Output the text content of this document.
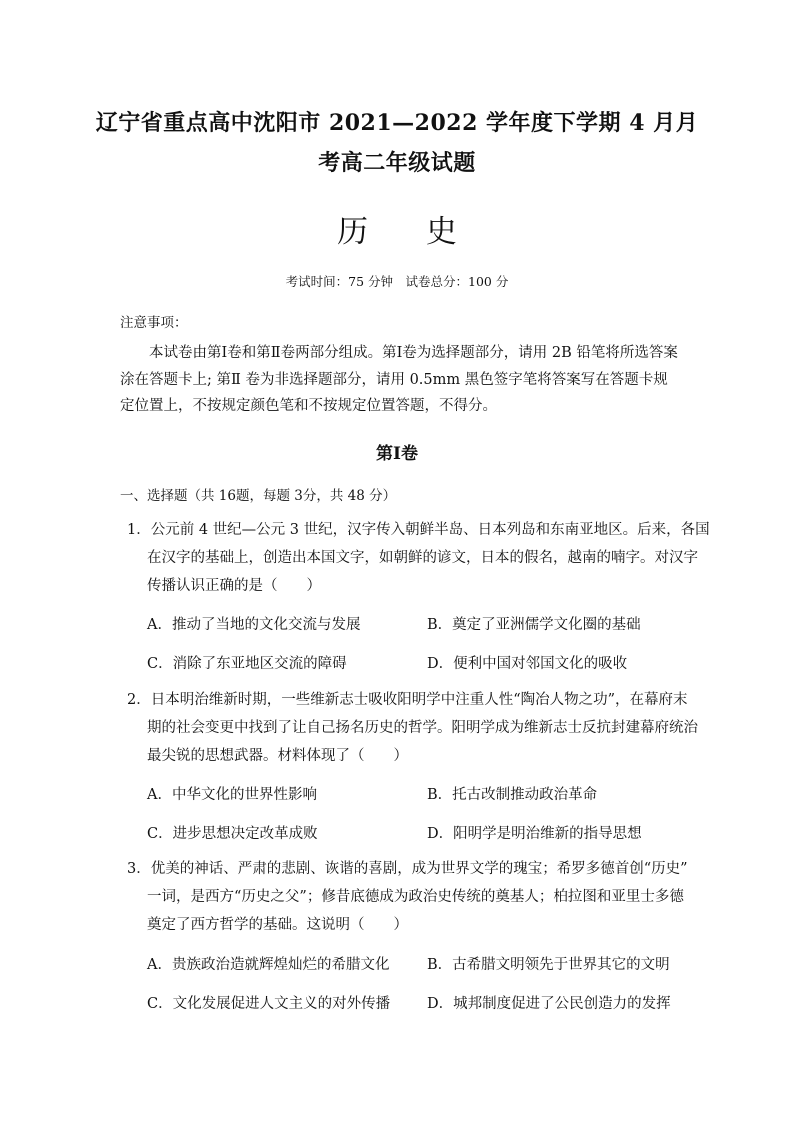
辽宁省重点高中沈阳市 2021—2022 学年度下学期 4 月月
考高二年级试题
历 史
考试时间：75 分钟　试卷总分：100 分
注意事项：
本试卷由第Ⅰ卷和第Ⅱ卷两部分组成。第Ⅰ卷为选择题部分，请用 2B 铅笔将所选答案涂在答题卡上; 第Ⅱ 卷为非选择题部分，请用 0.5mm 黑色签字笔将答案写在答题卡规定位置上，不按规定颜色笔和不按规定位置答题，不得分。
第Ⅰ卷
一、选择题（共 16题，每题 3分，共 48 分）
1．公元前 4 世纪—公元 3 世纪，汉字传入朝鲜半岛、日本列岛和东南亚地区。后来，各国
在汉字的基础上，创造出本国文字，如朝鲜的谚文，日本的假名，越南的喃字。对汉字
传播认识正确的是（　　）
A．推动了当地的文化交流与发展	B．奠定了亚洲儒学文化圈的基础
C．消除了东亚地区交流的障碍	D．便利中国对邻国文化的吸收
2．日本明治维新时期，一些维新志士吸收阳明学中注重人性“陶冶人物之功”，在幕府末
期的社会变更中找到了让自己扬名历史的哲学。阳明学成为维新志士反抗封建幕府统治
最尖锐的思想武器。材料体现了（　　）
A．中华文化的世界性影响	B．托古改制推动政治革命
C．进步思想决定改革成败	D．阳明学是明治维新的指导思想
3．优美的神话、严肃的悲剧、诙谐的喜剧，成为世界文学的瑰宝；希罗多德首创“历史”
一词，是西方“历史之父”；修昔底德成为政治史传统的奠基人；柏拉图和亚里士多德
奠定了西方哲学的基础。这说明（　　）
A．贵族政治造就辉煌灿烂的希腊文化	B．古希腊文明领先于世界其它的文明
C．文化发展促进人文主义的对外传播	D．城邦制度促进了公民创造力的发挥
